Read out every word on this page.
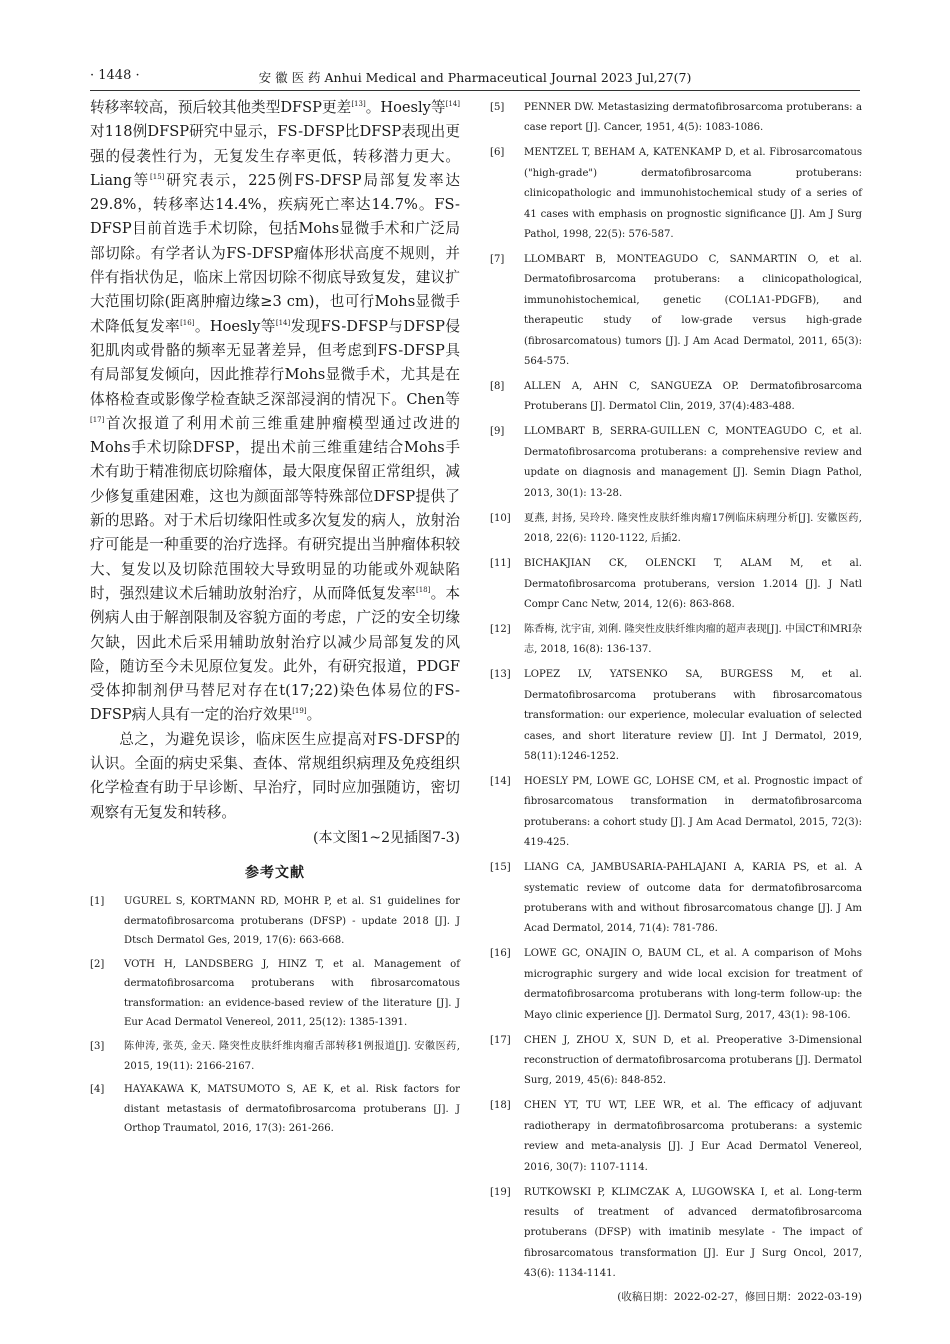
· 1448 ·	安 徽 医 药 Anhui Medical and Pharmaceutical Journal 2023 Jul,27(7)

转移率较高，预后较其他类型DFSP更差[13]。Hoesly等[14]对118例DFSP研究中显示，FS-DFSP比DFSP表现出更强的侵袭性行为，无复发生存率更低，转移潜力更大。Liang等[15]研究表示，225例FS-DFSP局部复发率达29.8%，转移率达14.4%，疾病死亡率达14.7%。FS-DFSP目前首选手术切除，包括Mohs显微手术和广泛局部切除。有学者认为FS-DFSP瘤体形状高度不规则，并伴有指状伪足，临床上常因切除不彻底导致复发，建议扩大范围切除(距离肿瘤边缘≥3 cm)，也可行Mohs显微手术降低复发率[16]。Hoesly等[14]发现FS-DFSP与DFSP侵犯肌肉或骨骼的频率无显著差异，但考虑到FS-DFSP具有局部复发倾向，因此推荐行Mohs显微手术，尤其是在体格检查或影像学检查缺乏深部浸润的情况下。Chen等[17]首次报道了利用术前三维重建肿瘤模型通过改进的Mohs手术切除DFSP，提出术前三维重建结合Mohs手术有助于精准彻底切除瘤体，最大限度保留正常组织，减少修复重建困难，这也为颜面部等特殊部位DFSP提供了新的思路。对于术后切缘阳性或多次复发的病人，放射治疗可能是一种重要的治疗选择。有研究提出当肿瘤体积较大、复发以及切除范围较大导致明显的功能或外观缺陷时，强烈建议术后辅助放射治疗，从而降低复发率[18]。本例病人由于解剖限制及容貌方面的考虑，广泛的安全切缘欠缺，因此术后采用辅助放射治疗以减少局部复发的风险，随访至今未见原位复发。此外，有研究报道，PDGF受体抑制剂伊马替尼对存在t(17;22)染色体易位的FS-DFSP病人具有一定的治疗效果[19]。

总之，为避免误诊，临床医生应提高对FS-DFSP的认识。全面的病史采集、查体、常规组织病理及免疫组织化学检查有助于早诊断、早治疗，同时应加强随访，密切观察有无复发和转移。

(本文图1~2见插图7-3)
参考文献
[1]	UGUREL S, KORTMANN RD, MOHR P, et al. S1 guidelines for dermatofibrosarcoma protuberans (DFSP) - update 2018 [J]. J Dtsch Dermatol Ges, 2019, 17(6): 663-668.
[2]	VOTH H, LANDSBERG J, HINZ T, et al. Management of dermatofibrosarcoma protuberans with fibrosarcomatous transformation: an evidence-based review of the literature [J]. J Eur Acad Dermatol Venereol, 2011, 25(12): 1385-1391.
[3]	陈伸涛, 张英, 金天. 隆突性皮肤纤维肉瘤舌部转移1例报道[J]. 安徽医药, 2015, 19(11): 2166-2167.
[4]	HAYAKAWA K, MATSUMOTO S, AE K, et al. Risk factors for distant metastasis of dermatofibrosarcoma protuberans [J]. J Orthop Traumatol, 2016, 17(3): 261-266.
[5]	PENNER DW. Metastasizing dermatofibrosarcoma protuberans: a case report [J]. Cancer, 1951, 4(5): 1083-1086.
[6]	MENTZEL T, BEHAM A, KATENKAMP D, et al. Fibrosarcomatous ("high-grade") dermatofibrosarcoma protuberans: clinicopathologic and immunohistochemical study of a series of 41 cases with emphasis on prognostic significance [J]. Am J Surg Pathol, 1998, 22(5): 576-587.
[7]	LLOMBART B, MONTEAGUDO C, SANMARTIN O, et al. Dermatofibrosarcoma protuberans: a clinicopathological, immunohistochemical, genetic (COL1A1-PDGFB), and therapeutic study of low-grade versus high-grade (fibrosarcomatous) tumors [J]. J Am Acad Dermatol, 2011, 65(3): 564-575.
[8]	ALLEN A, AHN C, SANGUEZA OP. Dermatofibrosarcoma Protuberans [J]. Dermatol Clin, 2019, 37(4):483-488.
[9]	LLOMBART B, SERRA-GUILLEN C, MONTEAGUDO C, et al. Dermatofibrosarcoma protuberans: a comprehensive review and update on diagnosis and management [J]. Semin Diagn Pathol, 2013, 30(1): 13-28.
[10]	夏燕, 封扬, 吴玲玲. 隆突性皮肤纤维肉瘤17例临床病理分析[J]. 安徽医药, 2018, 22(6): 1120-1122, 后插2.
[11]	BICHAKJIAN CK, OLENCKI T, ALAM M, et al. Dermatofibrosarcoma protuberans, version 1.2014 [J]. J Natl Compr Canc Netw, 2014, 12(6): 863-868.
[12]	陈香梅, 沈宇宙, 刘俐. 隆突性皮肤纤维肉瘤的超声表现[J]. 中国CT和MRI杂志, 2018, 16(8): 136-137.
[13]	LOPEZ LV, YATSENKO SA, BURGESS M, et al. Dermatofibrosarcoma protuberans with fibrosarcomatous transformation: our experience, molecular evaluation of selected cases, and short literature review [J]. Int J Dermatol, 2019, 58(11):1246-1252.
[14]	HOESLY PM, LOWE GC, LOHSE CM, et al. Prognostic impact of fibrosarcomatous transformation in dermatofibrosarcoma protuberans: a cohort study [J]. J Am Acad Dermatol, 2015, 72(3): 419-425.
[15]	LIANG CA, JAMBUSARIA-PAHLAJANI A, KARIA PS, et al. A systematic review of outcome data for dermatofibrosarcoma protuberans with and without fibrosarcomatous change [J]. J Am Acad Dermatol, 2014, 71(4): 781-786.
[16]	LOWE GC, ONAJIN O, BAUM CL, et al. A comparison of Mohs micrographic surgery and wide local excision for treatment of dermatofibrosarcoma protuberans with long-term follow-up: the Mayo clinic experience [J]. Dermatol Surg, 2017, 43(1): 98-106.
[17]	CHEN J, ZHOU X, SUN D, et al. Preoperative 3-Dimensional reconstruction of dermatofibrosarcoma protuberans [J]. Dermatol Surg, 2019, 45(6): 848-852.
[18]	CHEN YT, TU WT, LEE WR, et al. The efficacy of adjuvant radiotherapy in dermatofibrosarcoma protuberans: a systemic review and meta-analysis [J]. J Eur Acad Dermatol Venereol, 2016, 30(7): 1107-1114.
[19]	RUTKOWSKI P, KLIMCZAK A, LUGOWSKA I, et al. Long-term results of treatment of advanced dermatofibrosarcoma protuberans (DFSP) with imatinib mesylate - The impact of fibrosarcomatous transformation [J]. Eur J Surg Oncol, 2017, 43(6): 1134-1141.
(收稿日期：2022-02-27，修回日期：2022-03-19)
